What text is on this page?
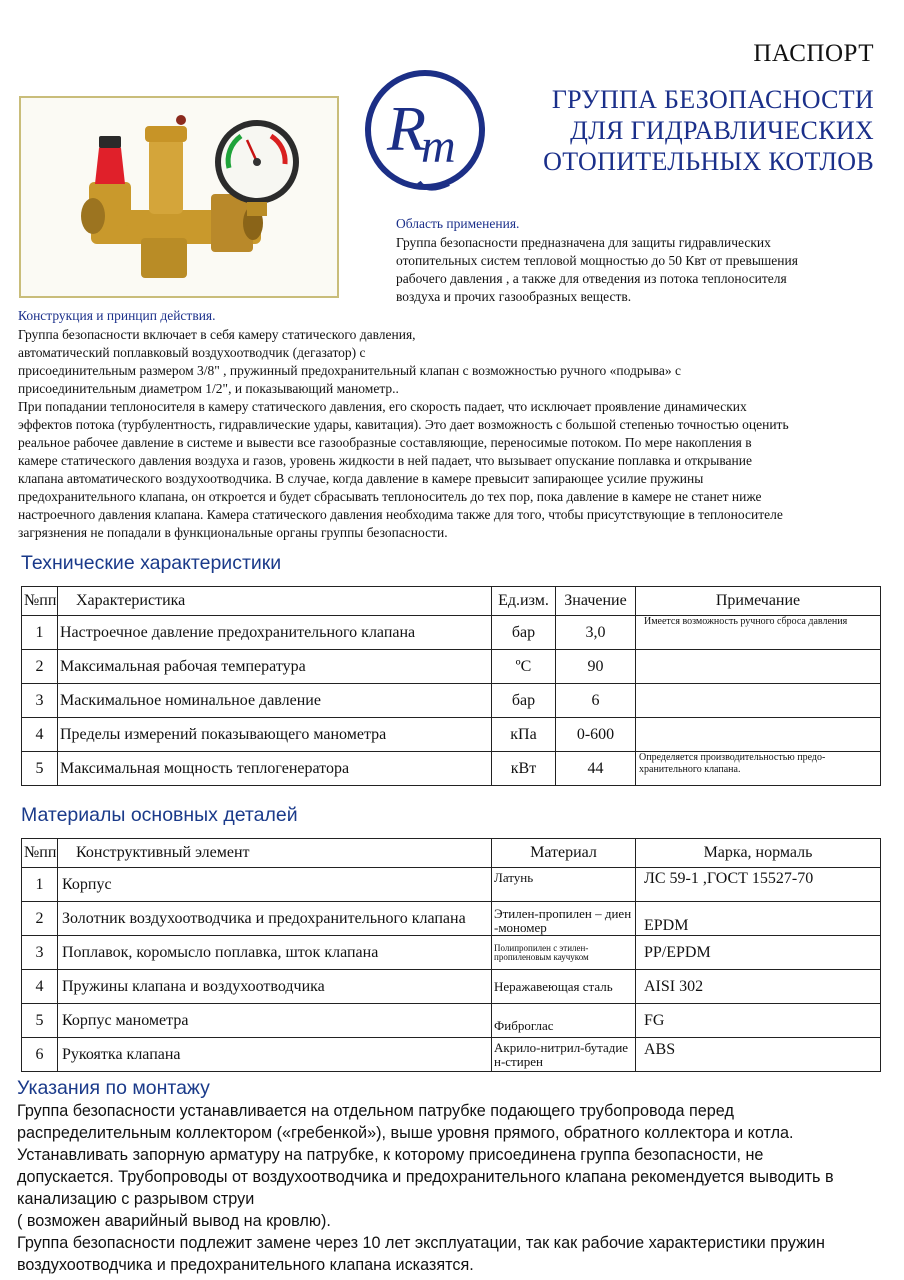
R
m
ПАСПОРТ
ГРУППА БЕЗОПАСНОСТИ
ДЛЯ ГИДРАВЛИЧЕСКИХ
ОТОПИТЕЛЬНЫХ КОТЛОВ
Область применения.
Группа безопасности предназначена для защиты гидравлических
отопительных систем тепловой мощностью до 50 Квт от превышения
рабочего давления , а также для отведения из потока теплоносителя
воздуха и прочих газообразных веществ.
Конструкция и принцип действия.

Группа безопасности включает в себя камеру статического давления,

автоматический поплавковый воздухоотводчик (дегазатор) с

присоединительным размером 3/8" , пружинный предохранительный клапан с возможностью ручного «подрыва» с

присоединительным диаметром 1/2", и показывающий манометр..

При попадании теплоносителя в камеру статического давления, его скорость падает, что исключает проявление динамических

эффектов потока (турбулентность, гидравлические удары, кавитация). Это дает возможность с большой степенью точностью оценить

реальное рабочее давление в системе и вывести все газообразные составляющие, переносимые потоком. По мере накопления в

камере статического давления воздуха и газов, уровень жидкости в ней падает, что вызывает опускание поплавка и открывание

клапана автоматического воздухоотводчика. В случае, когда давление в камере превысит запирающее усилие пружины

предохранительного клапана, он откроется и будет сбрасывать теплоноситель до тех пор, пока давление в камере не станет ниже

настроечного давления клапана. Камера статического давления необходима также для того, чтобы присутствующие в теплоносителе

загрязнения не попадали в функциональные органы группы безопасности.

Технические характеристики
№пп	Характеристика	Ед.изм.	Значение	Примечание
1	Настроечное давление предохранительного клапана	бар	3,0	Имеется возможность ручного сброса давления
2	Максимальная рабочая температура	ºC	90	
3	Маскимальное номинальное давление	бар	6	
4	Пределы измерений показывающего манометра	кПа	0-600	
5	Максимальная мощность теплогенератора	кВт	44	Определяется производительностью предо-хранительного клапана.
Материалы основных деталей
№пп	Конструктивный элемент	Материал	Марка, нормаль
1	Корпус	Латунь	ЛС 59-1 ,ГОСТ 15527-70
2	Золотник воздухоотводчика и предохранительного клапана	Этилен-пропилен – диен -мономер	EPDM
3	Поплавок, коромысло поплавка, шток клапана	Полипропилен с этилен-пропиленовым каучуком	PP/EPDM
4	Пружины клапана и воздухоотводчика	Неражавеющая сталь	AISI 302
5	Корпус манометра	Фиброглас	FG
6	Рукоятка клапана	Акрило-нитрил-бутадиен-стирен	ABS
Указания по монтажу
Группа безопасности устанавливается на отдельном патрубке подающего трубопровода перед
распределительным коллектором («гребенкой»), выше уровня прямого, обратного коллектора и котла.
Устанавливать запорную арматуру на патрубке, к которому присоединена группа безопасности, не
допускается. Трубопроводы от воздухоотводчика и предохранительного клапана рекомендуется выводить в
канализацию с разрывом струи
( возможен аварийный вывод на кровлю).
Группа безопасности подлежит замене через 10 лет эксплуатации, так как рабочие характеристики пружин
воздухоотводчика и предохранительного клапана исказятся.
